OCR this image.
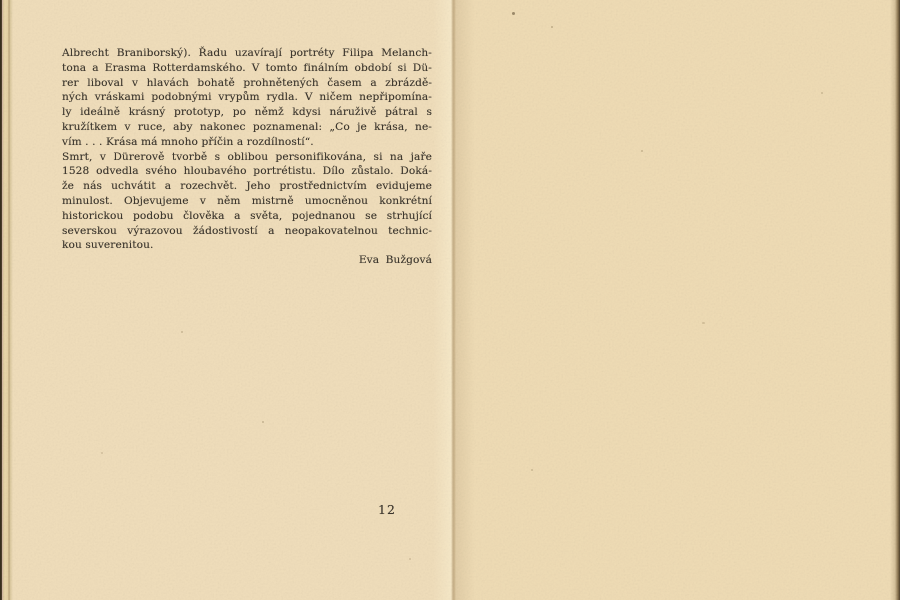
Albrecht Braniborský). Řadu uzavírají portréty Filipa Melanch-
tona a Erasma Rotterdamského. V tomto finálním období si Dü-
rer liboval v hlavách bohatě prohnětených časem a zbrázdě-
ných vráskami podobnými vrypům rydla. V ničem nepřipomína-
ly ideálně krásný prototyp, po němž kdysi náruživě pátral s
kružítkem v ruce, aby nakonec poznamenal: „Co je krása, ne-
vím . . . Krása má mnoho příčin a rozdílností“.
Smrt, v Dürerově tvorbě s oblibou personifikována, si na jaře
1528 odvedla svého hloubavého portrétistu. Dílo zůstalo. Doká-
že nás uchvátit a rozechvět. Jeho prostřednictvím evidujeme
minulost. Objevujeme v něm mistrně umocněnou konkrétní
historickou podobu člověka a světa, pojednanou se strhující
severskou výrazovou žádostivostí a neopakovatelnou technic-
kou suverenitou.
Eva Bužgová
12
